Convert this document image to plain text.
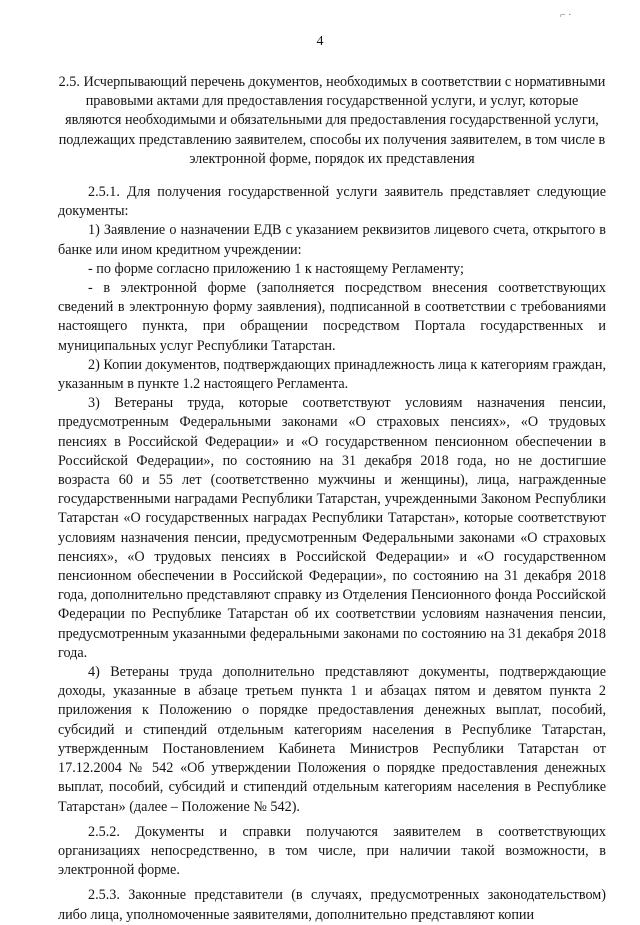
⌐ ·
4
2.5. Исчерпывающий перечень документов, необходимых в соответствии с нормативными правовыми актами для предоставления государственной услуги, и услуг, которые являются необходимыми и обязательными для предоставления государственной услуги, подлежащих представлению заявителем, способы их получения заявителем, в том числе в электронной форме, порядок их представления

2.5.1. Для получения государственной услуги заявитель представляет следующие документы:

1) Заявление о назначении ЕДВ с указанием реквизитов лицевого счета, открытого в банке или ином кредитном учреждении:

- по форме согласно приложению 1 к настоящему Регламенту;

- в электронной форме (заполняется посредством внесения соответствующих сведений в электронную форму заявления), подписанной в соответствии с требованиями настоящего пункта, при обращении посредством Портала государственных и муниципальных услуг Республики Татарстан.

2) Копии документов, подтверждающих принадлежность лица к категориям граждан, указанным в пункте 1.2 настоящего Регламента.

3) Ветераны труда, которые соответствуют условиям назначения пенсии, предусмотренным Федеральными законами «О страховых пенсиях», «О трудовых пенсиях в Российской Федерации» и «О государственном пенсионном обеспечении в Российской Федерации», по состоянию на 31 декабря 2018 года, но не достигшие возраста 60 и 55 лет (соответственно мужчины и женщины), лица, награжденные государственными наградами Республики Татарстан, учрежденными Законом Республики Татарстан «О государственных наградах Республики Татарстан», которые соответствуют условиям назначения пенсии, предусмотренным Федеральными законами «О страховых пенсиях», «О трудовых пенсиях в Российской Федерации» и «О государственном пенсионном обеспечении в Российской Федерации», по состоянию на 31 декабря 2018 года, дополнительно представляют справку из Отделения Пенсионного фонда Российской Федерации по Республике Татарстан об их соответствии условиям назначения пенсии, предусмотренным указанными федеральными законами по состоянию на 31 декабря 2018 года.

4) Ветераны труда дополнительно представляют документы, подтверждающие доходы, указанные в абзаце третьем пункта 1 и абзацах пятом и девятом пункта 2 приложения к Положению о порядке предоставления денежных выплат, пособий, субсидий и стипендий отдельным категориям населения в Республике Татарстан, утвержденным Постановлением Кабинета Министров Республики Татарстан от 17.12.2004 № 542 «Об утверждении Положения о порядке предоставления денежных выплат, пособий, субсидий и стипендий отдельным категориям населения в Республике Татарстан» (далее – Положение № 542).

2.5.2. Документы и справки получаются заявителем в соответствующих организациях непосредственно, в том числе, при наличии такой возможности, в электронной форме.

2.5.3. Законные представители (в случаях, предусмотренных законодательством) либо лица, уполномоченные заявителями, дополнительно представляют копии
